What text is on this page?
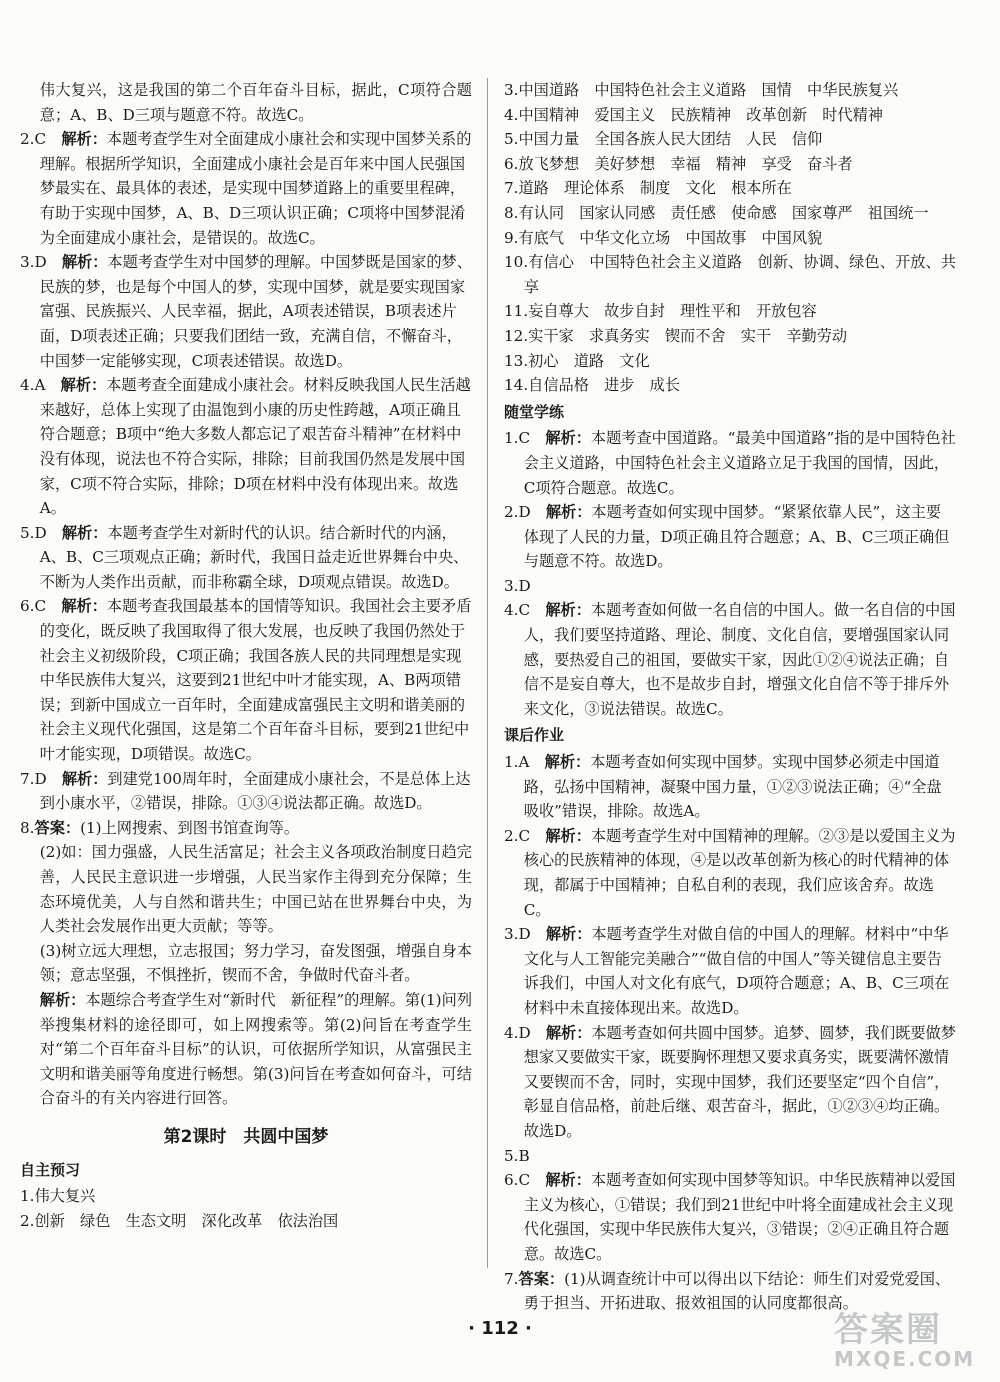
伟大复兴，这是我国的第二个百年奋斗目标，据此，C项符合题意；A、B、D三项与题意不符。故选C。

2.C　 解析：本题考查学生对全面建成小康社会和实现中国梦关系的理解。根据所学知识，全面建成小康社会是百年来中国人民强国梦最实在、最具体的表述，是实现中国梦道路上的重要里程碑，有助于实现中国梦，A、B、D三项认识正确；C项将中国梦混淆为全面建成小康社会，是错误的。故选C。
3.D　 解析：本题考查学生对中国梦的理解。中国梦既是国家的梦、民族的梦，也是每个中国人的梦，实现中国梦，就是要实现国家富强、民族振兴、人民幸福，据此，A项表述错误，B项表述片面，D项表述正确；只要我们团结一致，充满自信，不懈奋斗，中国梦一定能够实现，C项表述错误。故选D。
4.A　 解析：本题考查全面建成小康社会。材料反映我国人民生活越来越好，总体上实现了由温饱到小康的历史性跨越，A项正确且符合题意；B项中“绝大多数人都忘记了艰苦奋斗精神”在材料中没有体现，说法也不符合实际，排除；目前我国仍然是发展中国家，C项不符合实际，排除；D项在材料中没有体现出来。故选A。
5.D　 解析：本题考查学生对新时代的认识。结合新时代的内涵，A、B、C三项观点正确；新时代，我国日益走近世界舞台中央、不断为人类作出贡献，而非称霸全球，D项观点错误。故选D。
6.C　 解析：本题考查我国最基本的国情等知识。我国社会主要矛盾的变化，既反映了我国取得了很大发展，也反映了我国仍然处于社会主义初级阶段，C项正确；我国各族人民的共同理想是实现中华民族伟大复兴，这要到21世纪中叶才能实现，A、B两项错误；到新中国成立一百年时，全面建成富强民主文明和谐美丽的社会主义现代化强国，这是第二个百年奋斗目标，要到21世纪中叶才能实现，D项错误。故选C。
7.D　 解析：到建党100周年时，全面建成小康社会，不是总体上达到小康水平，②错误，排除。①③④说法都正确。故选D。
8.答案：(1)上网搜索、到图书馆查询等。

(2)如：国力强盛，人民生活富足；社会主义各项政治制度日趋完善，人民民主意识进一步增强，人民当家作主得到充分保障；生态环境优美，人与自然和谐共生；中国已站在世界舞台中央，为人类社会发展作出更大贡献；等等。

(3)树立远大理想，立志报国；努力学习，奋发图强，增强自身本领；意志坚强，不惧挫折，锲而不舍，争做时代奋斗者。

解析：本题综合考查学生对“新时代　新征程”的理解。第(1)问列举搜集材料的途径即可，如上网搜索等。第(2)问旨在考查学生对“第二个百年奋斗目标”的认识，可依据所学知识，从富强民主文明和谐美丽等角度进行畅想。第(3)问旨在考查如何奋斗，可结合奋斗的有关内容进行回答。

第2课时　共圆中国梦
自主预习
1.伟大复兴
2.创新　绿色　生态文明　深化改革　依法治国
3.中国道路　中国特色社会主义道路　国情　中华民族复兴
4.中国精神　爱国主义　民族精神　改革创新　时代精神
5.中国力量　全国各族人民大团结　人民　信仰
6.放飞梦想　美好梦想　幸福　精神　享受　奋斗者
7.道路　理论体系　制度　文化　根本所在
8.有认同　国家认同感　责任感　使命感　国家尊严　祖国统一
9.有底气　中华文化立场　中国故事　中国风貌
10.有信心　中国特色社会主义道路　创新、协调、绿色、开放、共享
11.妄自尊大　故步自封　理性平和　开放包容
12.实干家　求真务实　锲而不舍　实干　辛勤劳动
13.初心　道路　文化
14.自信品格　进步　成长
随堂学练
1.C　 解析：本题考查中国道路。“最美中国道路”指的是中国特色社会主义道路，中国特色社会主义道路立足于我国的国情，因此，C项符合题意。故选C。
2.D　 解析：本题考查如何实现中国梦。“紧紧依靠人民”，这主要体现了人民的力量，D项正确且符合题意；A、B、C三项正确但与题意不符。故选D。
3.D
4.C　 解析：本题考查如何做一名自信的中国人。做一名自信的中国人，我们要坚持道路、理论、制度、文化自信，要增强国家认同感，要热爱自己的祖国，要做实干家，因此①②④说法正确；自信不是妄自尊大，也不是故步自封，增强文化自信不等于排斥外来文化，③说法错误。故选C。
课后作业
1.A　 解析：本题考查如何实现中国梦。实现中国梦必须走中国道路，弘扬中国精神，凝聚中国力量，①②③说法正确；④“全盘吸收”错误，排除。故选A。
2.C　 解析：本题考查学生对中国精神的理解。②③是以爱国主义为核心的民族精神的体现，④是以改革创新为核心的时代精神的体现，都属于中国精神；自私自利的表现，我们应该舍弃。故选C。
3.D　 解析：本题考查学生对做自信的中国人的理解。材料中“中华文化与人工智能完美融合”“做自信的中国人”等关键信息主要告诉我们，中国人对文化有底气，D项符合题意；A、B、C三项在材料中未直接体现出来。故选D。
4.D　 解析：本题考查如何共圆中国梦。追梦、圆梦，我们既要做梦想家又要做实干家，既要胸怀理想又要求真务实，既要满怀激情又要锲而不舍，同时，实现中国梦，我们还要坚定“四个自信”，彰显自信品格，前赴后继、艰苦奋斗，据此，①②③④均正确。故选D。
5.B
6.C　 解析：本题考查如何实现中国梦等知识。中华民族精神以爱国主义为核心，①错误；我们到21世纪中叶将全面建成社会主义现代化强国，实现中华民族伟大复兴，③错误；②④正确且符合题意。故选C。
7.答案：(1)从调查统计中可以得出以下结论：师生们对爱党爱国、勇于担当、开拓进取、报效祖国的认同度都很高。
· 112 ·	答案圈
MXQE.COM
